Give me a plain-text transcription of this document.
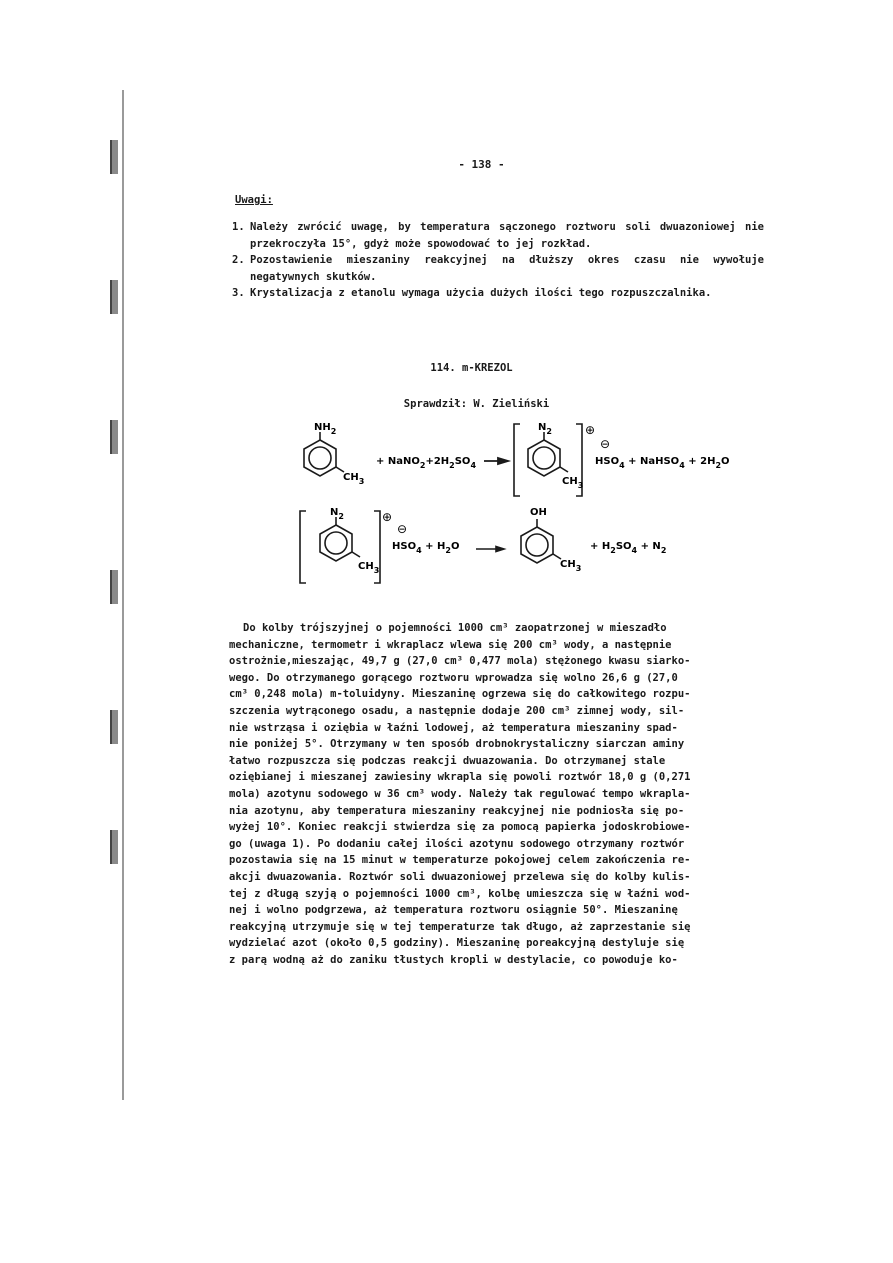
- 138 -
Uwagi:
1. Należy zwrócić uwagę, by temperatura sączonego roztworu soli dwuazoniowej nie przekroczyła 15°, gdyż może spowodować to jej rozkład.
2. Pozostawienie mieszaniny reakcyjnej na dłuższy okres czasu nie wywołuje negatywnych skutków.
3. Krystalizacja z etanolu wymaga użycia dużych ilości tego rozpuszczalnika.
114. m-KREZOL
Sprawdził: W. Zieliński
$NH_2$
$CH_3$
+ $NaNO_2+2H_2SO_4$
$N_2$
$CH_3$
⊕
⊖
$HSO_4$ + NaHSO$_4$ + $2H_2O$
$N_2$
$CH_3$
⊕
⊖
$HSO_4 + H_2O$
OH
$CH_3$
+ $H_2SO_4 + N_2$
Do kolby trójszyjnej o pojemności 1000 cm³ zaopatrzonej w mieszadło
mechaniczne, termometr i wkraplacz wlewa się 200 cm³ wody, a następnie
ostrożnie,mieszając, 49,7 g (27,0 cm³ 0,477 mola) stężonego kwasu siarko-
wego. Do otrzymanego gorącego roztworu wprowadza się wolno 26,6 g (27,0
cm³ 0,248 mola) m-toluidyny. Mieszaninę ogrzewa się do całkowitego rozpu-
szczenia wytrąconego osadu, a następnie dodaje 200 cm³ zimnej wody, sil-
nie wstrząsa i oziębia w łaźni lodowej, aż temperatura mieszaniny spad-
nie poniżej 5°. Otrzymany w ten sposób drobnokrystaliczny siarczan aminy
łatwo rozpuszcza się podczas reakcji dwuazowania. Do otrzymanej stale
oziębianej i mieszanej zawiesiny wkrapla się powoli roztwór 18,0 g (0,271
mola) azotynu sodowego w 36 cm³ wody. Należy tak regulować tempo wkrapla-
nia azotynu, aby temperatura mieszaniny reakcyjnej nie podniosła się po-
wyżej 10°. Koniec reakcji stwierdza się za pomocą papierka jodoskrobiowe-
go (uwaga 1). Po dodaniu całej ilości azotynu sodowego otrzymany roztwór
pozostawia się na 15 minut w temperaturze pokojowej celem zakończenia re-
akcji dwuazowania. Roztwór soli dwuazoniowej przelewa się do kolby kulis-
tej z długą szyją o pojemności 1000 cm³, kolbę umieszcza się w łaźni wod-
nej i wolno podgrzewa, aż temperatura roztworu osiągnie 50°. Mieszaninę
reakcyjną utrzymuje się w tej temperaturze tak długo, aż zaprzestanie się
wydzielać azot (około 0,5 godziny). Mieszaninę poreakcyjną destyluje się
z parą wodną aż do zaniku tłustych kropli w destylacie, co powoduje ko-
